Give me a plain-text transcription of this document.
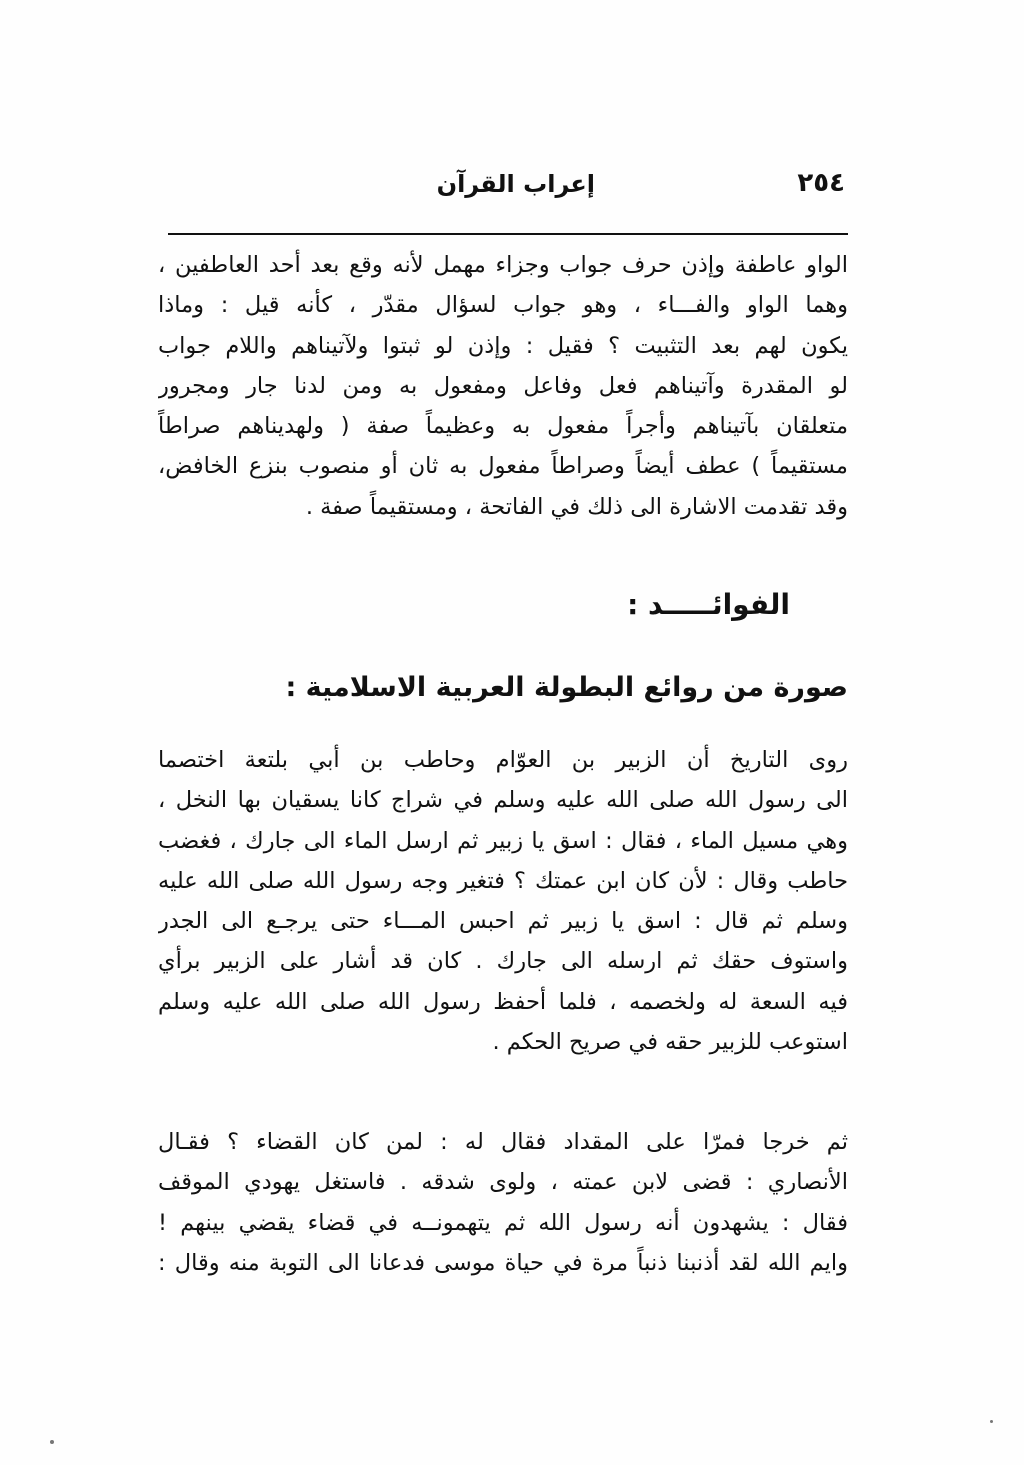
٢٥٤
إعراب القرآن
الواو عاطفة وإذن حرف جواب وجزاء مهمل لأنه وقع بعد أحد العاطفين ،
وهما الواو والفـــاء ، وهو جواب لسؤال مقدّر ، كأنه قيل : وماذا
يكون لهم بعد التثبيت ؟ فقيل : وإذن لو ثبتوا ولآتيناهم واللام جواب
لو المقدرة وآتيناهم فعل وفاعل ومفعول به ومن لدنا جار ومجرور
متعلقان بآتيناهم وأجراً مفعول به وعظيماً صفة ( ولهديناهم صراطاً
مستقيماً ) عطف أيضاً وصراطاً مفعول به ثان أو منصوب بنزع الخافض،
وقد تقدمت الاشارة الى ذلك في الفاتحة ، ومستقيماً صفة .
الفوائـــــد :
صورة من روائع البطولة العربية الاسلامية :
روى التاريخ أن الزبير بن العوّام وحاطب بن أبي بلتعة اختصما
الى رسول الله صلى الله عليه وسلم في شراج كانا يسقيان بها النخل ،
وهي مسيل الماء ، فقال : اسق يا زبير ثم ارسل الماء الى جارك ، فغضب
حاطب وقال : لأن كان ابن عمتك ؟ فتغير وجه رسول الله صلى الله عليه
وسلم ثم قال : اسق يا زبير ثم احبس المـــاء حتى يرجـع الى الجدر
واستوف حقك ثم ارسله الى جارك . كان قد أشار على الزبير برأي
فيه السعة له ولخصمه ، فلما أحفظ رسول الله صلى الله عليه وسلم
استوعب للزبير حقه في صريح الحكم .
ثم خرجا فمرّا على المقداد فقال له : لمن كان القضاء ؟ فقـال
الأنصاري : قضى لابن عمته ، ولوى شدقه . فاستغل يهودي الموقف
فقال : يشهدون أنه رسول الله ثم يتهمونــه في قضاء يقضي بينهم !
وايم الله لقد أذنبنا ذنباً مرة في حياة موسى فدعانا الى التوبة منه وقال :
